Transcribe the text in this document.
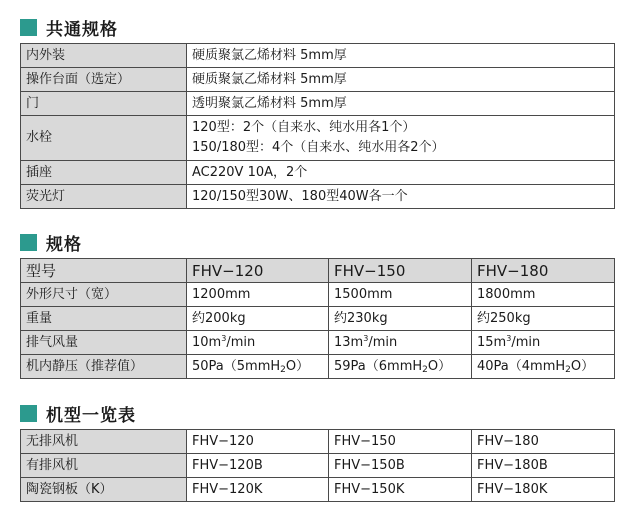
共通规格
内外装	硬质聚氯乙烯材料 5mm厚

操作台面（选定）	硬质聚氯乙烯材料 5mm厚

门	透明聚氯乙烯材料 5mm厚

水栓	120型：2个（自来水、纯水用各1个）
150/180型：4个（自来水、纯水用各2个）

插座	AC220V 10A，2个

荧光灯	120/150型30W、180型40W各一个
规格
型号	FHV−120	FHV−150	FHV−180
外形尺寸（宽）	1200mm	1500mm	1800mm
重量	约200kg	约230kg	约250kg
排气风量	$10m^3/\min$	$13m^3/\min$	$15m^3/\min$
机内静压（推荐值）	50Pa（5mmH$_2$O）	59Pa（6mmH$_2$O）	40Pa（4mmH$_2$O）
机型一览表
无排风机	FHV−120	FHV−150	FHV−180
有排风机	FHV−120B	FHV−150B	FHV−180B
陶瓷钢板（K）	FHV−120K	FHV−150K	FHV−180K
